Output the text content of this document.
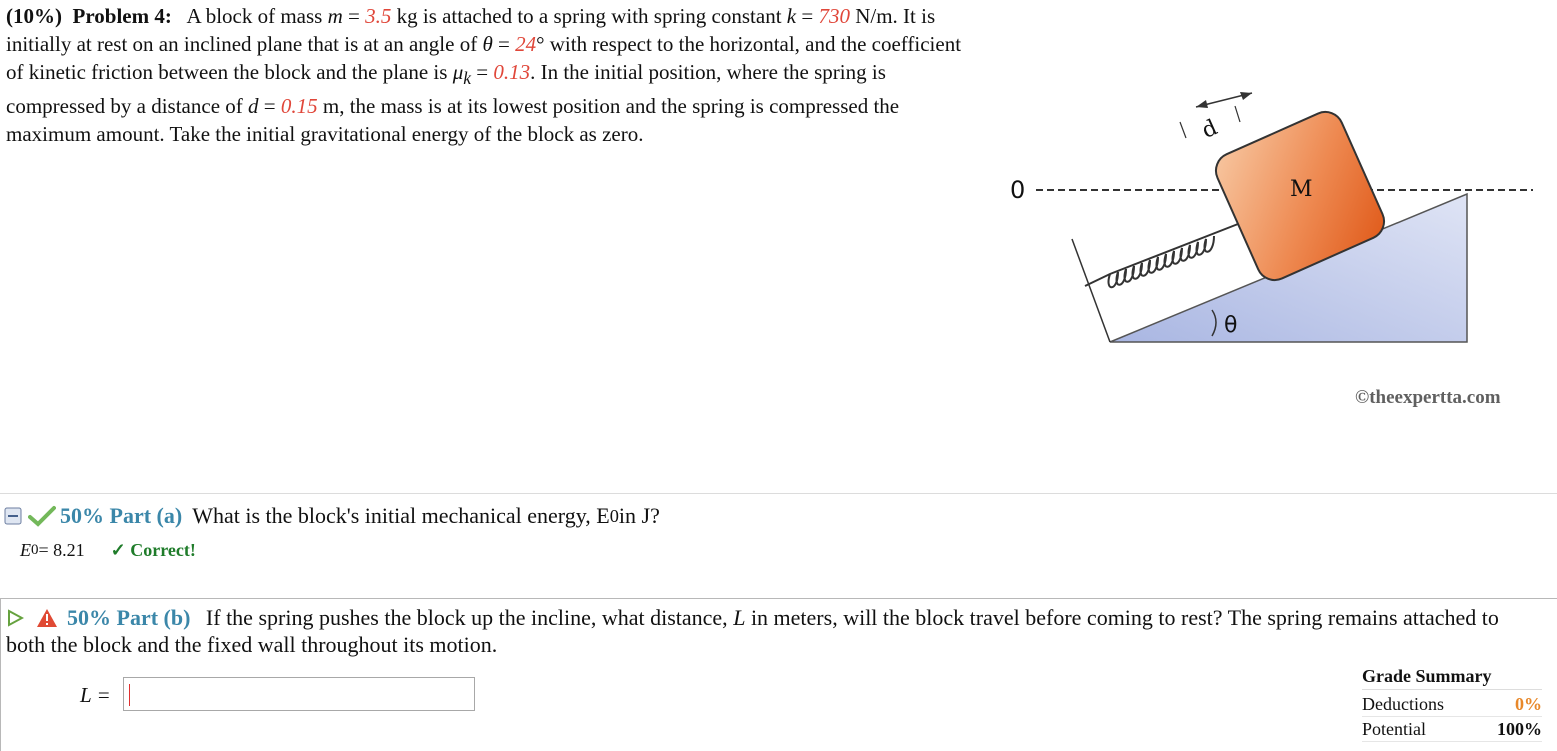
(10%) Problem 4: A block of mass m = 3.5 kg is attached to a spring with spring constant k = 730 N/m. It is initially at rest on an inclined plane that is at an angle of θ = 24° with respect to the horizontal, and the coefficient of kinetic friction between the block and the plane is $\mu_k = 0.13$. In the initial position, where the spring is compressed by a distance of d = 0.15 m, the mass is at its lowest position and the spring is compressed the maximum amount. Take the initial gravitational energy of the block as zero.
0	M
d
θ
©theexpertta.com
50% Part (a) What is the block's initial mechanical energy, E 0 in J?
E 0 = 8.21 ✓ Correct!
50% Part (b) If the spring pushes the block up the incline, what distance, L in meters, will the block travel before coming to rest? The spring remains attached to both the block and the fixed wall throughout its motion.
L =
Grade Summary
Deductions	0%
Potential	100%
